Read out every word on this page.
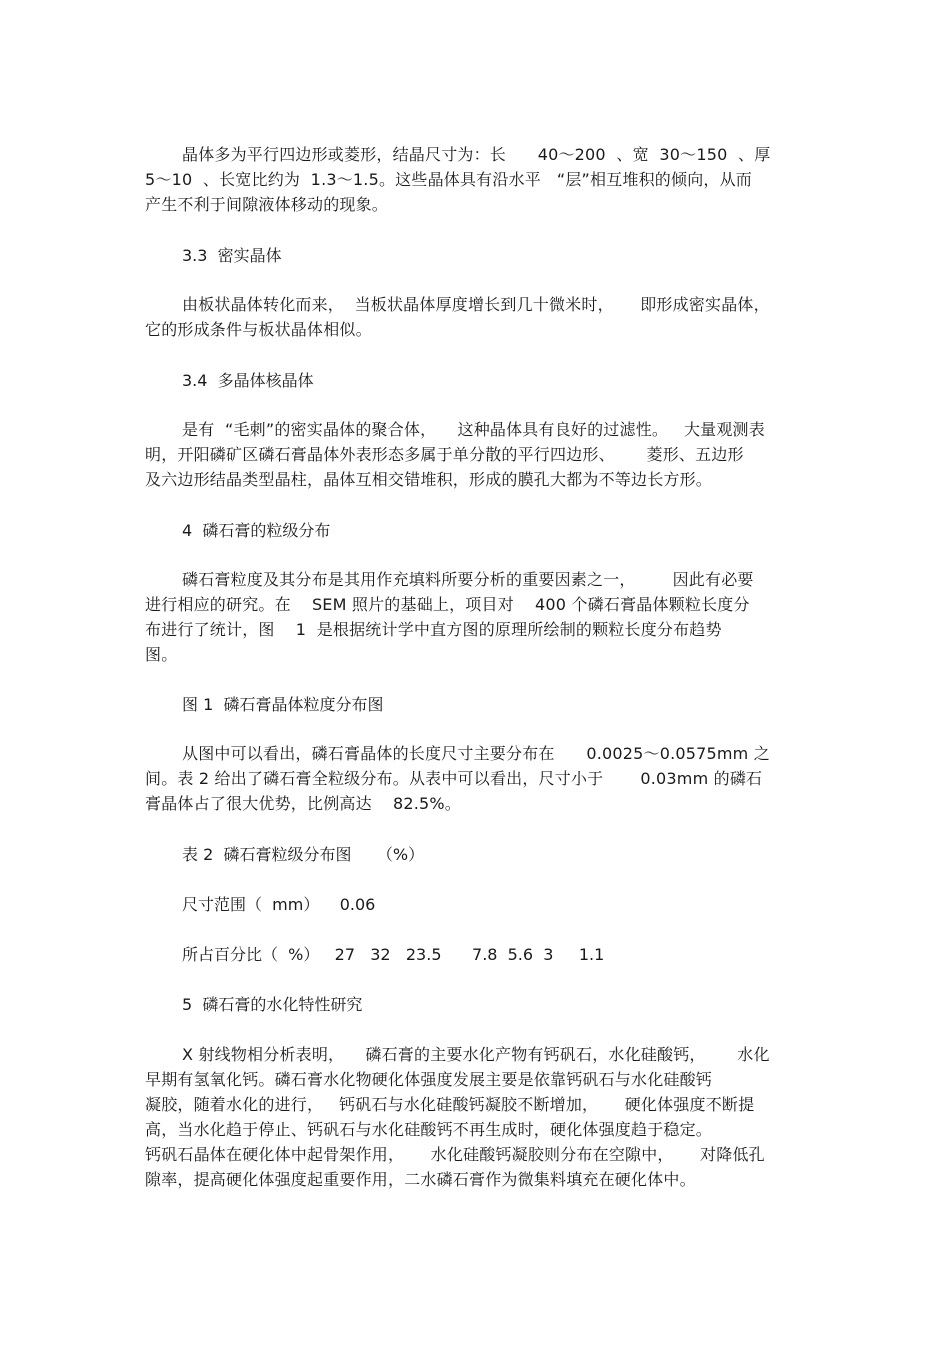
晶体多为平行四边形或菱形，结晶尺寸为：长      40～200  、宽  30～150  、厚
5～10  、长宽比约为  1.3～1.5。这些晶体具有沿水平   “层”相互堆积的倾向，从而
产生不利于间隙液体移动的现象。
3.3  密实晶体
由板状晶体转化而来，  当板状晶体厚度增长到几十微米时，     即形成密实晶体，
它的形成条件与板状晶体相似。
3.4  多晶体核晶体
是有  “毛刺”的密实晶体的聚合体，    这种晶体具有良好的过滤性。   大量观测表
明，开阳磷矿区磷石膏晶体外表形态多属于单分散的平行四边形、      菱形、五边形
及六边形结晶类型晶柱，晶体互相交错堆积，形成的膜孔大都为不等边长方形。
4  磷石膏的粒级分布
磷石膏粒度及其分布是其用作充填料所要分析的重要因素之一，       因此有必要
进行相应的研究。在    SEM 照片的基础上，项目对    400 个磷石膏晶体颗粒长度分
布进行了统计，图    1  是根据统计学中直方图的原理所绘制的颗粒长度分布趋势
图。
图 1  磷石膏晶体粒度分布图
从图中可以看出，磷石膏晶体的长度尺寸主要分布在      0.0025～0.0575mm 之
间。表 2 给出了磷石膏全粒级分布。从表中可以看出，尺寸小于       0.03mm 的磷石
膏晶体占了很大优势，比例高达    82.5%。
表 2  磷石膏粒级分布图     （%）
尺寸范围（  mm）    0.06
所占百分比（  %）   27   32   23.5      7.8  5.6  3     1.1
5  磷石膏的水化特性研究
X 射线物相分析表明，    磷石膏的主要水化产物有钙矾石，水化硅酸钙，      水化
早期有氢氧化钙。磷石膏水化物硬化体强度发展主要是依靠钙矾石与水化硅酸钙
凝胶，随着水化的进行，   钙矾石与水化硅酸钙凝胶不断增加，     硬化体强度不断提
高，当水化趋于停止、钙矾石与水化硅酸钙不再生成时，硬化体强度趋于稳定。
钙矾石晶体在硬化体中起骨架作用，     水化硅酸钙凝胶则分布在空隙中，     对降低孔
隙率，提高硬化体强度起重要作用，二水磷石膏作为微集料填充在硬化体中。
